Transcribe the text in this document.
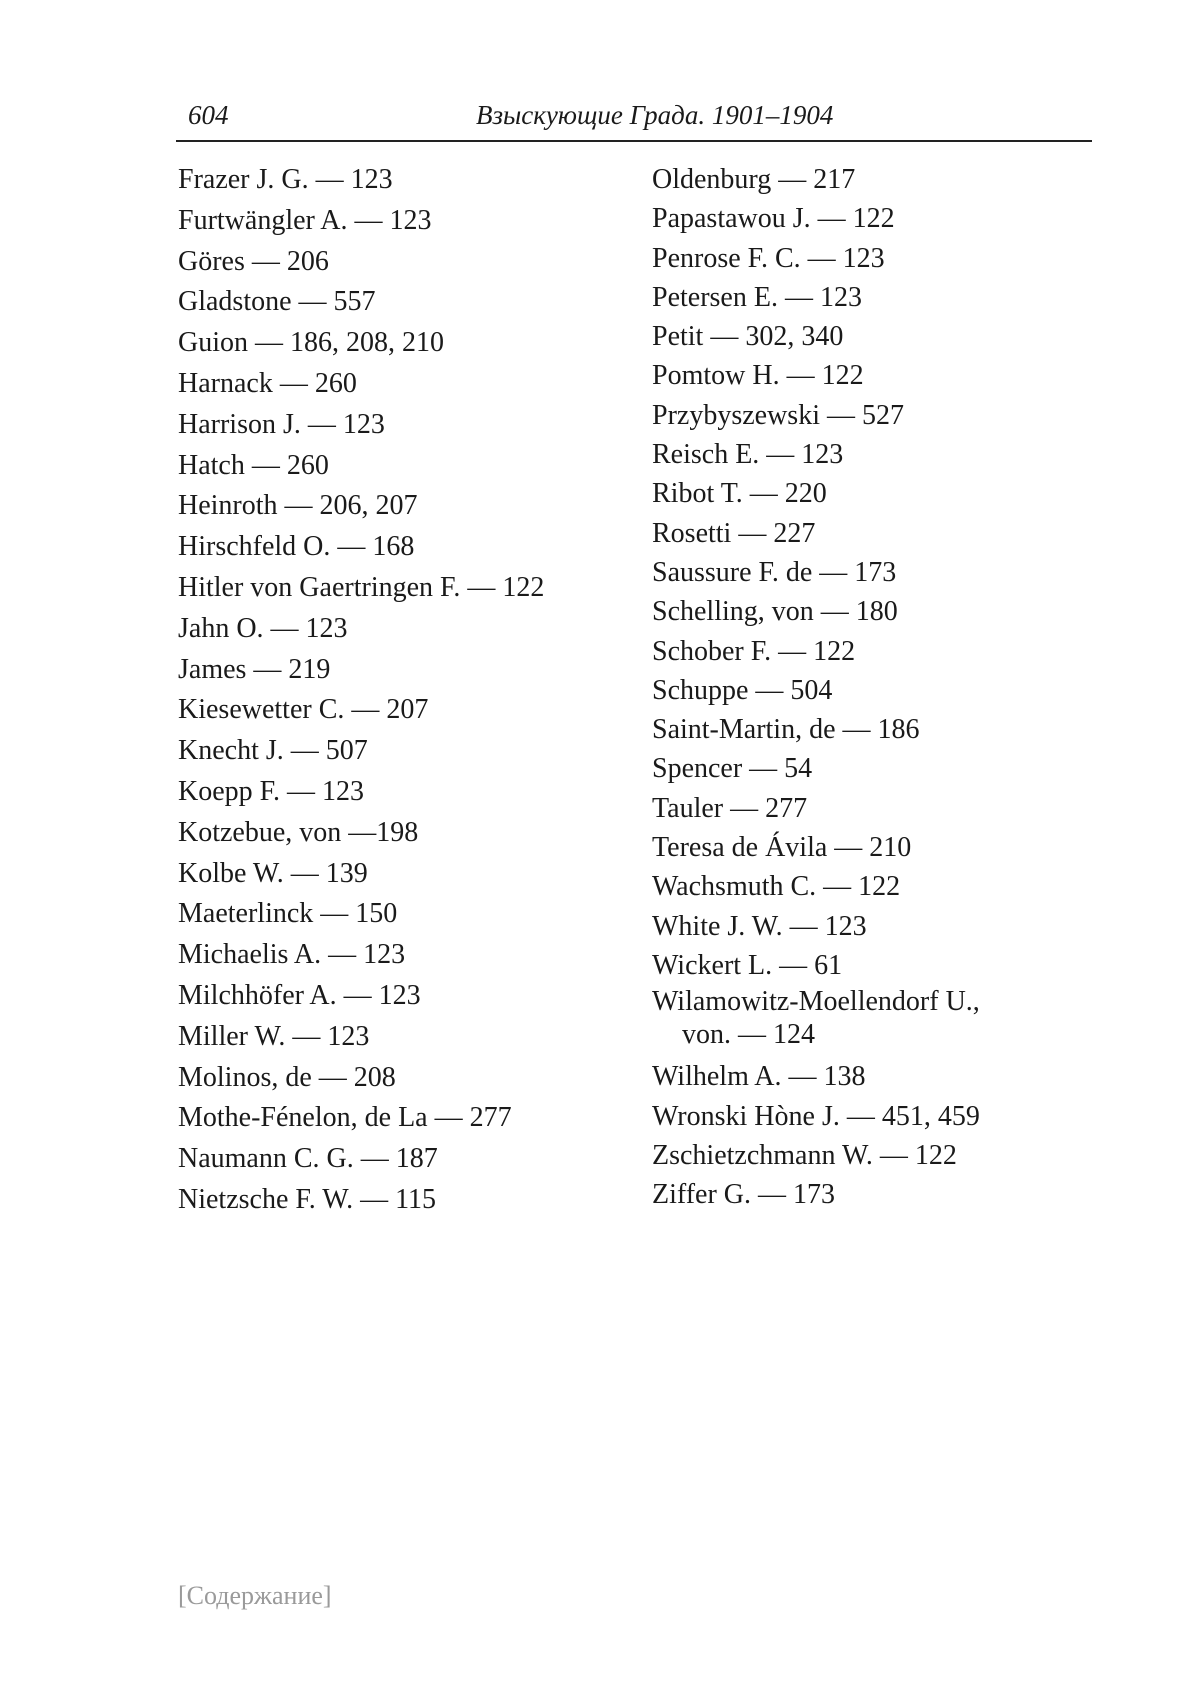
604	Взыскующие Града. 1901–1904
Frazer J. G. — 123
Furtwängler A. — 123
Göres — 206
Gladstone — 557
Guion — 186, 208, 210
Harnack — 260
Harrison J. — 123
Hatch — 260
Heinroth — 206, 207
Hirschfeld O. — 168
Hitler von Gaertringen F. — 122
Jahn O. — 123
James — 219
Kiesewetter C. — 207
Knecht J. — 507
Koepp F. — 123
Kotzebue, von —198
Kolbe W. — 139
Maeterlinck — 150
Michaelis A. — 123
Milchhöfer A. — 123
Miller W. — 123
Molinos, de — 208
Mothe-Fénelon, de La — 277
Naumann C. G. — 187
Nietzsche F. W. — 115
Oldenburg — 217
Papastawou J. — 122
Penrose F. C. — 123
Petersen E. — 123
Petit — 302, 340
Pomtow H. — 122
Przybyszewski — 527
Reisch E. — 123
Ribot T. — 220
Rosetti — 227
Saussure F. de — 173
Schelling, von — 180
Schober F. — 122
Schuppe — 504
Saint-Martin, de — 186
Spencer — 54
Tauler — 277
Teresa de Ávila — 210
Wachsmuth C. — 122
White J. W. — 123
Wickert L. — 61
Wilamowitz-Moellendorf U.,
von. — 124
Wilhelm A. — 138
Wronski Hòne J. — 451, 459
Zschietzchmann W. — 122
Ziffer G. — 173
[Содержание]
